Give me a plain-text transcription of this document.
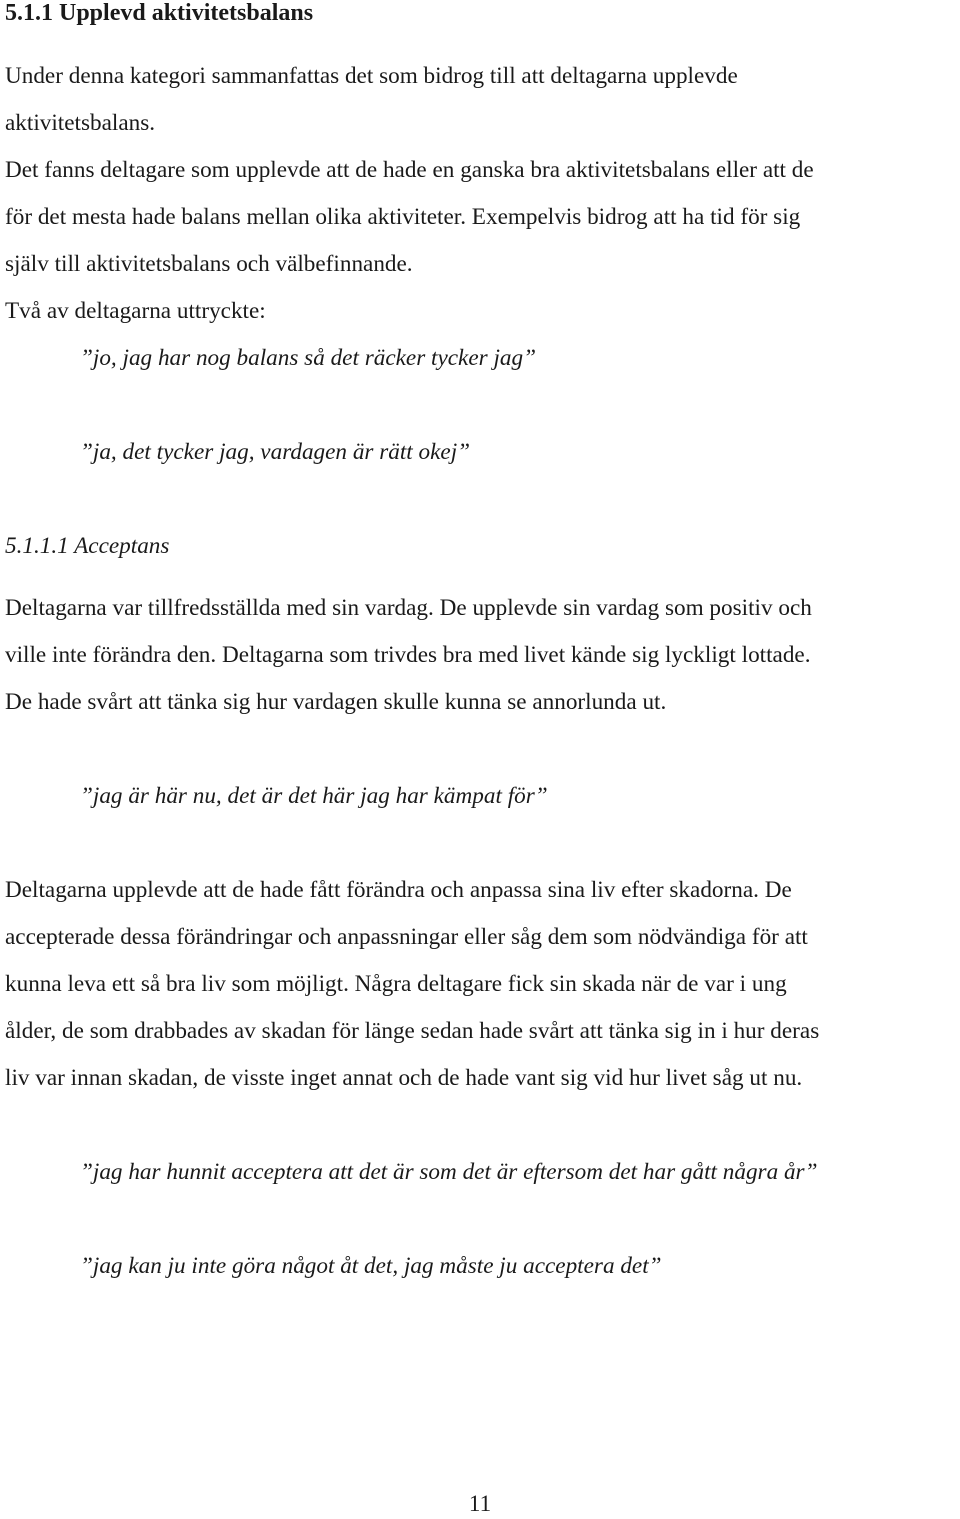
5.1.1 Upplevd aktivitetsbalans
Under denna kategori sammanfattas det som bidrog till att deltagarna upplevde
aktivitetsbalans.
Det fanns deltagare som upplevde att de hade en ganska bra aktivitetsbalans eller att de
för det mesta hade balans mellan olika aktiviteter. Exempelvis bidrog att ha tid för sig
själv till aktivitetsbalans och välbefinnande.
Två av deltagarna uttryckte:
”jo, jag har nog balans så det räcker tycker jag”
”ja, det tycker jag, vardagen är rätt okej”
5.1.1.1 Acceptans
Deltagarna var tillfredsställda med sin vardag. De upplevde sin vardag som positiv och
ville inte förändra den. Deltagarna som trivdes bra med livet kände sig lyckligt lottade.
De hade svårt att tänka sig hur vardagen skulle kunna se annorlunda ut.
”jag är här nu, det är det här jag har kämpat för”
Deltagarna upplevde att de hade fått förändra och anpassa sina liv efter skadorna. De
accepterade dessa förändringar och anpassningar eller såg dem som nödvändiga för att
kunna leva ett så bra liv som möjligt. Några deltagare fick sin skada när de var i ung
ålder, de som drabbades av skadan för länge sedan hade svårt att tänka sig in i hur deras
liv var innan skadan, de visste inget annat och de hade vant sig vid hur livet såg ut nu.
”jag har hunnit acceptera att det är som det är eftersom det har gått några år”
”jag kan ju inte göra något åt det, jag måste ju acceptera det”
11
